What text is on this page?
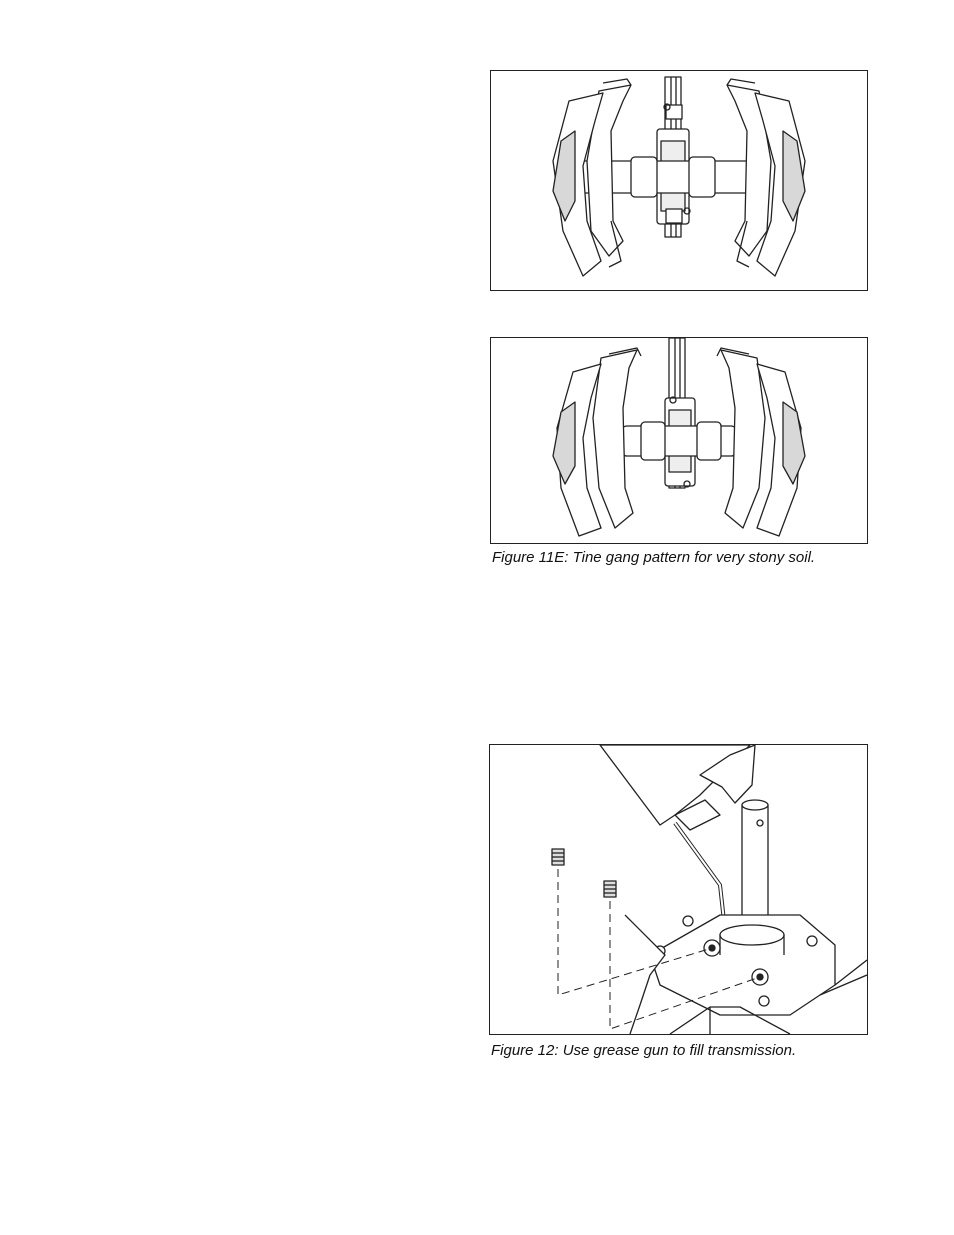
Figure 11E: Tine gang pattern for very stony soil.
Figure 12: Use grease gun to fill transmission.
